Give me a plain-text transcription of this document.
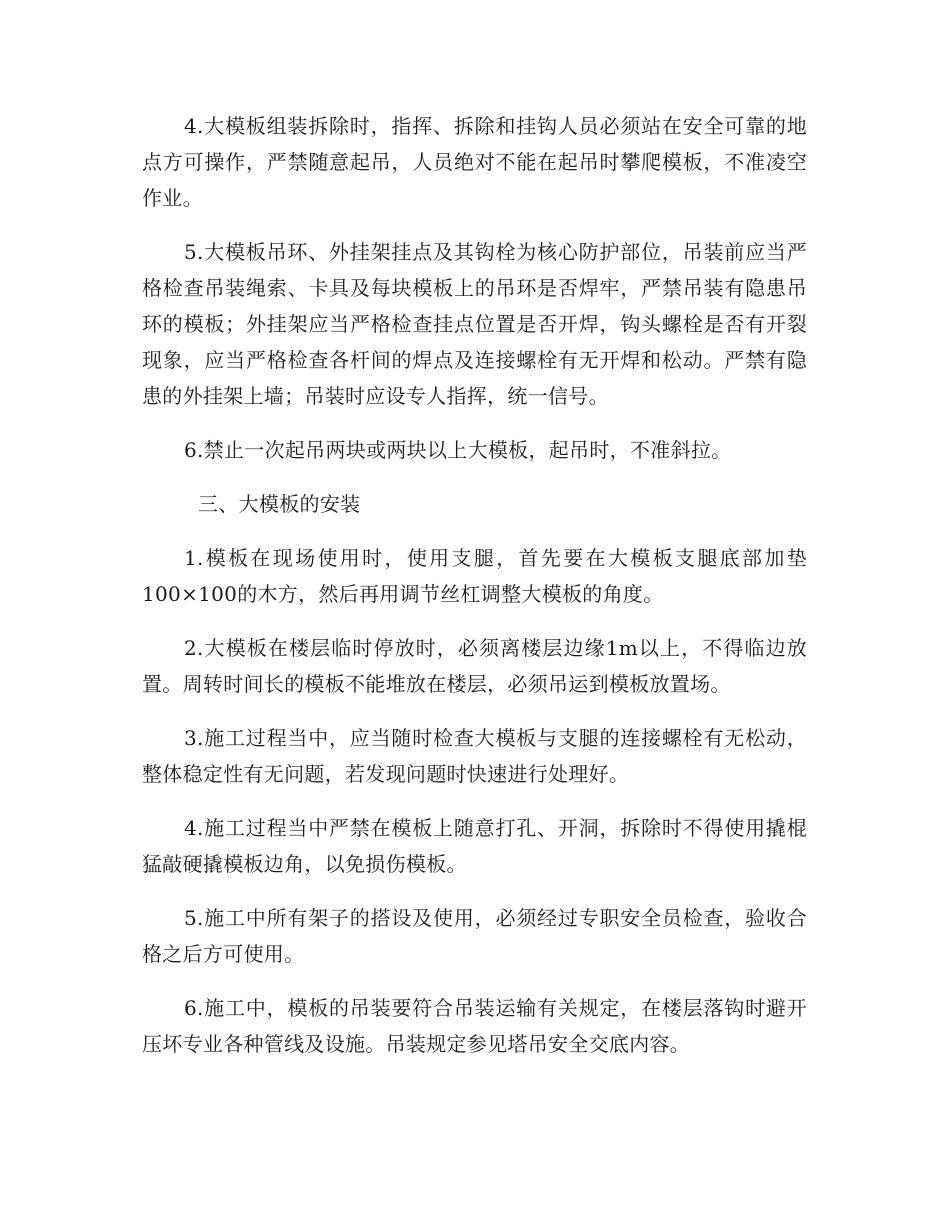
4.大模板组装拆除时，指挥、拆除和挂钩人员必须站在安全可靠的地点方可操作，严禁随意起吊，人员绝对不能在起吊时攀爬模板，不准凌空作业。

5.大模板吊环、外挂架挂点及其钩栓为核心防护部位，吊装前应当严格检查吊装绳索、卡具及每块模板上的吊环是否焊牢，严禁吊装有隐患吊环的模板；外挂架应当严格检查挂点位置是否开焊，钩头螺栓是否有开裂现象，应当严格检查各杆间的焊点及连接螺栓有无开焊和松动。严禁有隐患的外挂架上墙；吊装时应设专人指挥，统一信号。

6.禁止一次起吊两块或两块以上大模板，起吊时，不准斜拉。

三、大模板的安装

1.模板在现场使用时，使用支腿，首先要在大模板支腿底部加垫100×100的木方，然后再用调节丝杠调整大模板的角度。

2.大模板在楼层临时停放时，必须离楼层边缘1m以上，不得临边放置。周转时间长的模板不能堆放在楼层，必须吊运到模板放置场。

3.施工过程当中，应当随时检查大模板与支腿的连接螺栓有无松动，整体稳定性有无问题，若发现问题时快速进行处理好。

4.施工过程当中严禁在模板上随意打孔、开洞，拆除时不得使用撬棍猛敲硬撬模板边角，以免损伤模板。

5.施工中所有架子的搭设及使用，必须经过专职安全员检查，验收合格之后方可使用。

6.施工中，模板的吊装要符合吊装运输有关规定，在楼层落钩时避开压坏专业各种管线及设施。吊装规定参见塔吊安全交底内容。
